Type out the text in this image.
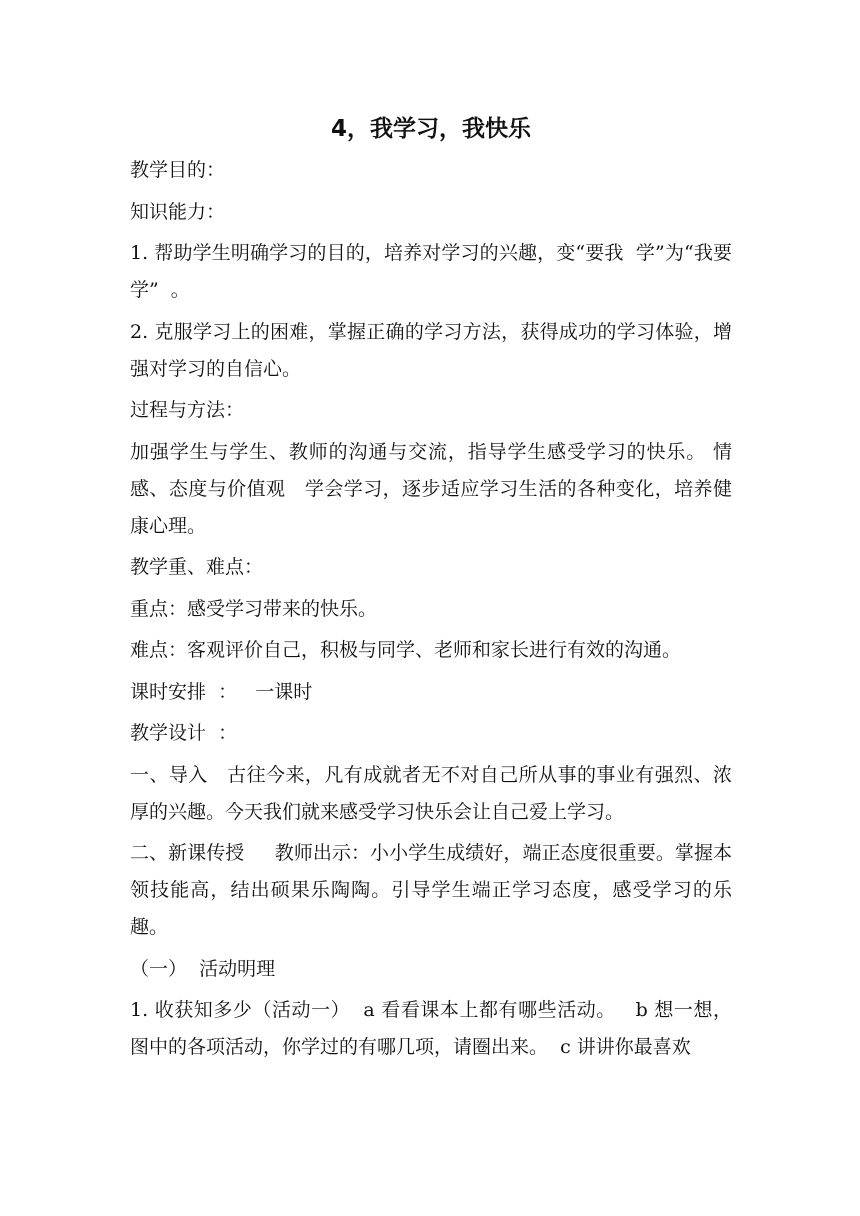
4，我学习，我快乐
教学目的：
知识能力：
1. 帮助学生明确学习的目的，培养对学习的兴趣，变“要我  学”为“我要学”  。
2. 克服学习上的困难，掌握正确的学习方法，获得成功的学习体验，增强对学习的自信心。
过程与方法：
加强学生与学生、教师的沟通与交流，指导学生感受学习的快乐。 情感、态度与价值观   学会学习，逐步适应学习生活的各种变化，培养健康心理。
教学重、难点：
重点：感受学习带来的快乐。
难点：客观评价自己，积极与同学、老师和家长进行有效的沟通。
课时安排  ：   一课时
教学设计  ：
一、导入   古往今来，凡有成就者无不对自己所从事的事业有强烈、浓厚的兴趣。今天我们就来感受学习快乐会让自己爱上学习。
二、新课传授     教师出示：小小学生成绩好，端正态度很重要。掌握本领技能高，结出硕果乐陶陶。引导学生端正学习态度，感受学习的乐趣。
（一）  活动明理
1. 收获知多少（活动一）  a 看看课本上都有哪些活动。   b 想一想，图中的各项活动，你学过的有哪几项，请圈出来。  c 讲讲你最喜欢
